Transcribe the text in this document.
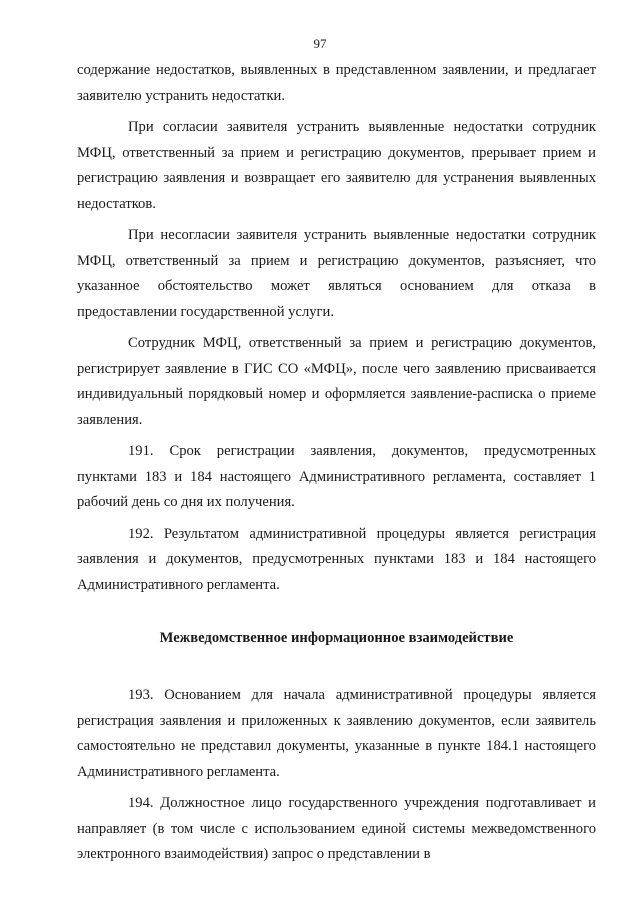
97

содержание недостатков, выявленных в представленном заявлении, и предлагает заявителю устранить недостатки.

При согласии заявителя устранить выявленные недостатки сотрудник МФЦ, ответственный за прием и регистрацию документов, прерывает прием и регистрацию заявления и возвращает его заявителю для устранения выявленных недостатков.

При несогласии заявителя устранить выявленные недостатки сотрудник МФЦ, ответственный за прием и регистрацию документов, разъясняет, что указанное обстоятельство может являться основанием для отказа в предоставлении государственной услуги.

Сотрудник МФЦ, ответственный за прием и регистрацию документов, регистрирует заявление в ГИС СО «МФЦ», после чего заявлению присваивается индивидуальный порядковый номер и оформляется заявление-расписка о приеме заявления.

191. Срок регистрации заявления, документов, предусмотренных пунктами 183 и 184 настоящего Административного регламента, составляет 1 рабочий день со дня их получения.

192. Результатом административной процедуры является регистрация заявления и документов, предусмотренных пунктами 183 и 184 настоящего Административного регламента.

Межведомственное информационное взаимодействие

193. Основанием для начала административной процедуры является регистрация заявления и приложенных к заявлению документов, если заявитель самостоятельно не представил документы, указанные в пункте 184.1 настоящего Административного регламента.

194. Должностное лицо государственного учреждения подготавливает и направляет (в том числе с использованием единой системы межведомственного электронного взаимодействия) запрос о представлении в
